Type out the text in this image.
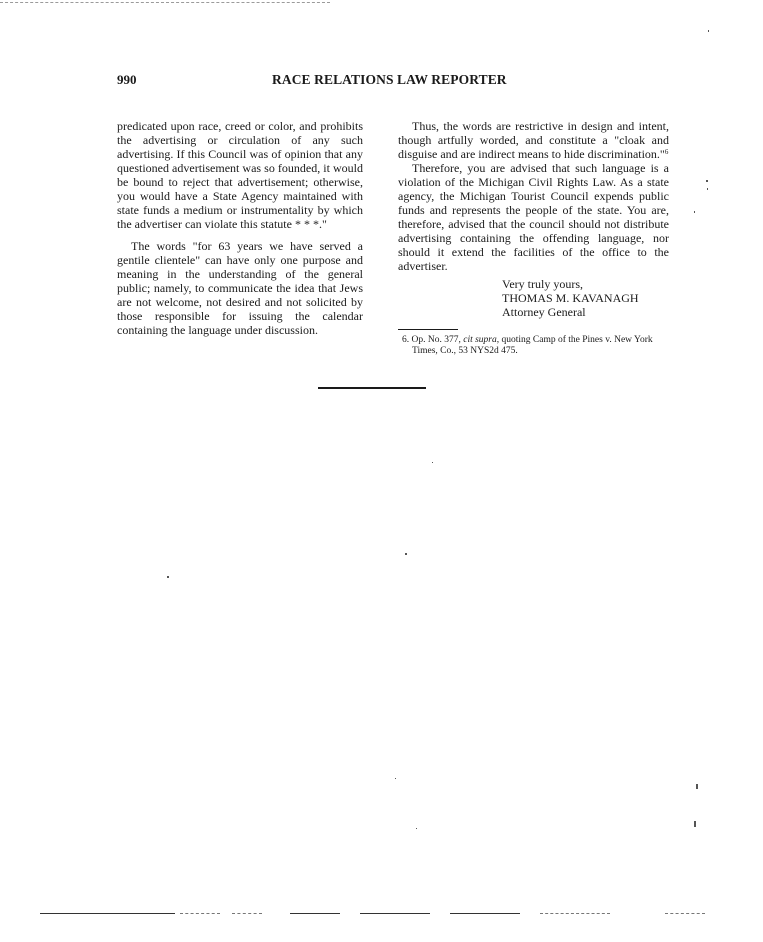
990	RACE RELATIONS LAW REPORTER

predicated upon race, creed or color, and prohibits the advertising or circulation of any such advertising. If this Council was of opinion that any questioned advertisement was so founded, it would be bound to reject that advertisement; otherwise, you would have a State Agency maintained with state funds a medium or instrumentality by which the advertiser can violate this statute * * *."

The words "for 63 years we have served a gentile clientele" can have only one purpose and meaning in the understanding of the general public; namely, to communicate the idea that Jews are not welcome, not desired and not solicited by those responsible for issuing the calendar containing the language under discussion.

Thus, the words are restrictive in design and intent, though artfully worded, and constitute a "cloak and disguise and are indirect means to hide discrimination."$^6$

Therefore, you are advised that such language is a violation of the Michigan Civil Rights Law. As a state agency, the Michigan Tourist Council expends public funds and represents the people of the state. You are, therefore, advised that the council should not distribute advertising containing the offending language, nor should it extend the facilities of the office to the advertiser.

Very truly yours,
THOMAS M. KAVANAGH
Attorney General
6. Op. No. 377, cit supra, quoting Camp of the Pines v. New York Times, Co., 53 NYS2d 475.
